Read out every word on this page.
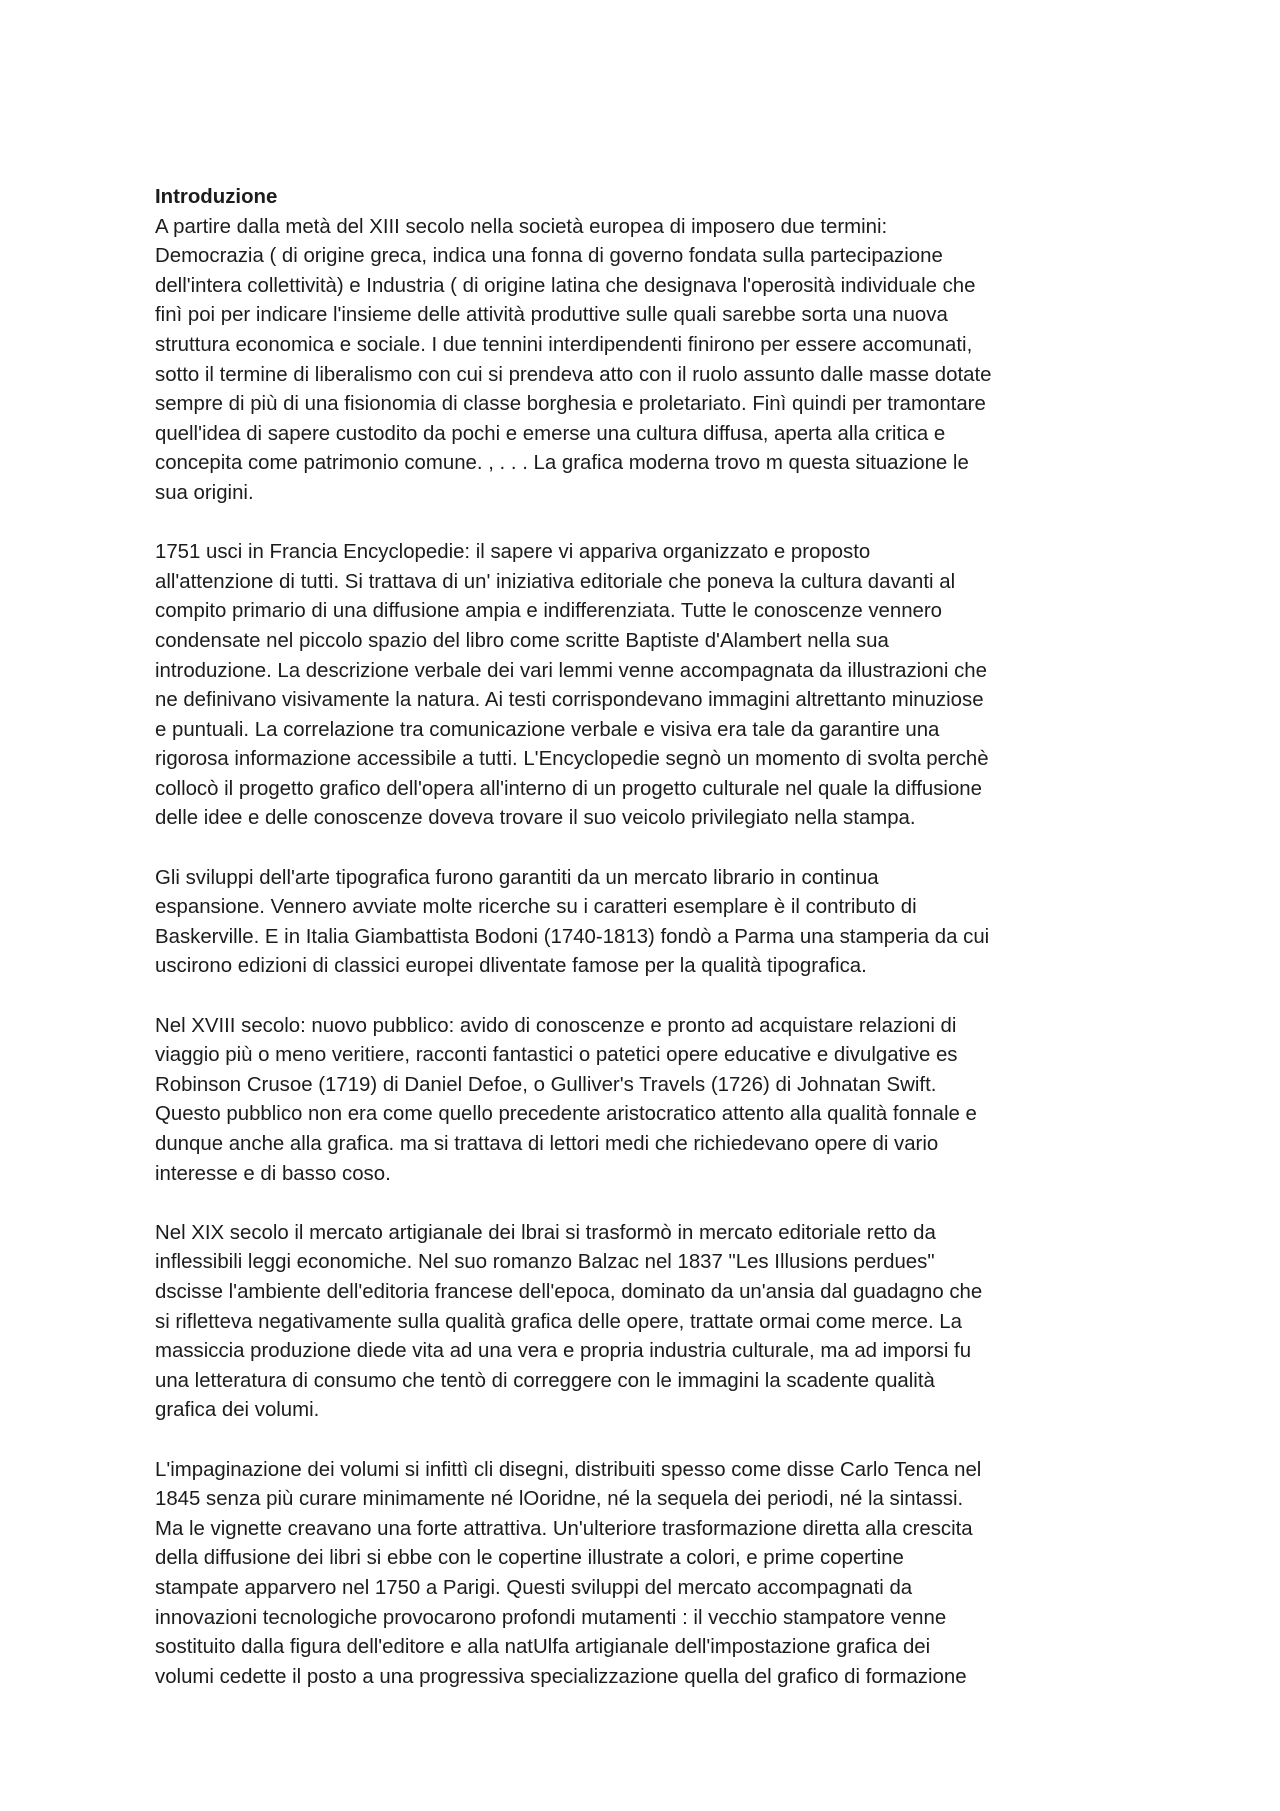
Introduzione
A partire dalla metà del XIII secolo nella società europea di imposero due termini:
Democrazia ( di origine greca, indica una fonna di governo fondata sulla partecipazione
dell'intera collettività) e Industria ( di origine latina che designava l'operosità individuale che
finì poi per indicare l'insieme delle attività produttive sulle quali sarebbe sorta una nuova
struttura economica e sociale. I due tennini interdipendenti finirono per essere accomunati,
sotto il termine di liberalismo con cui si prendeva atto con il ruolo assunto dalle masse dotate
sempre di più di una fisionomia di classe borghesia e proletariato. Finì quindi per tramontare
quell'idea di sapere custodito da pochi e emerse una cultura diffusa, aperta alla critica e
concepita come patrimonio comune. , . . . La grafica moderna trovo m questa situazione le
sua origini.
1751 usci in Francia Encyclopedie: il sapere vi appariva organizzato e proposto
all'attenzione di tutti. Si trattava di un' iniziativa editoriale che poneva la cultura davanti al
compito primario di una diffusione ampia e indifferenziata. Tutte le conoscenze vennero
condensate nel piccolo spazio del libro come scritte Baptiste d'Alambert nella sua
introduzione. La descrizione verbale dei vari lemmi venne accompagnata da illustrazioni che
ne definivano visivamente la natura. Ai testi corrispondevano immagini altrettanto minuziose
e puntuali. La correlazione tra comunicazione verbale e visiva era tale da garantire una
rigorosa informazione accessibile a tutti. L'Encyclopedie segnò un momento di svolta perchè
collocò il progetto grafico dell'opera all'interno di un progetto culturale nel quale la diffusione
delle idee e delle conoscenze doveva trovare il suo veicolo privilegiato nella stampa.
Gli sviluppi dell'arte tipografica furono garantiti da un mercato librario in continua
espansione. Vennero avviate molte ricerche su i caratteri esemplare è il contributo di
Baskerville. E in Italia Giambattista Bodoni (1740-1813) fondò a Parma una stamperia da cui
uscirono edizioni di classici europei dliventate famose per la qualità tipografica.
Nel XVIII secolo: nuovo pubblico: avido di conoscenze e pronto ad acquistare relazioni di
viaggio più o meno veritiere, racconti fantastici o patetici opere educative e divulgative es
Robinson Crusoe (1719) di Daniel Defoe, o Gulliver's Travels (1726) di Johnatan Swift.
Questo pubblico non era come quello precedente aristocratico attento alla qualità fonnale e
dunque anche alla grafica. ma si trattava di lettori medi che richiedevano opere di vario
interesse e di basso coso.
Nel XIX secolo il mercato artigianale dei lbrai si trasformò in mercato editoriale retto da
inflessibili leggi economiche. Nel suo romanzo Balzac nel 1837 "Les Illusions perdues"
dscisse l'ambiente dell'editoria francese dell'epoca, dominato da un'ansia dal guadagno che
si rifletteva negativamente sulla qualità grafica delle opere, trattate ormai come merce. La
massiccia produzione diede vita ad una vera e propria industria culturale, ma ad imporsi fu
una letteratura di consumo che tentò di correggere con le immagini la scadente qualità
grafica dei volumi.
L'impaginazione dei volumi si infittì cli disegni, distribuiti spesso come disse Carlo Tenca nel
1845 senza più curare minimamente né lOoridne, né la sequela dei periodi, né la sintassi.
Ma le vignette creavano una forte attrattiva. Un'ulteriore trasformazione diretta alla crescita
della diffusione dei libri si ebbe con le copertine illustrate a colori, e prime copertine
stampate apparvero nel 1750 a Parigi. Questi sviluppi del mercato accompagnati da
innovazioni tecnologiche provocarono profondi mutamenti : il vecchio stampatore venne
sostituito dalla figura dell'editore e alla natUlfa artigianale dell'impostazione grafica dei
volumi cedette il posto a una progressiva specializzazione quella del grafico di formazione
